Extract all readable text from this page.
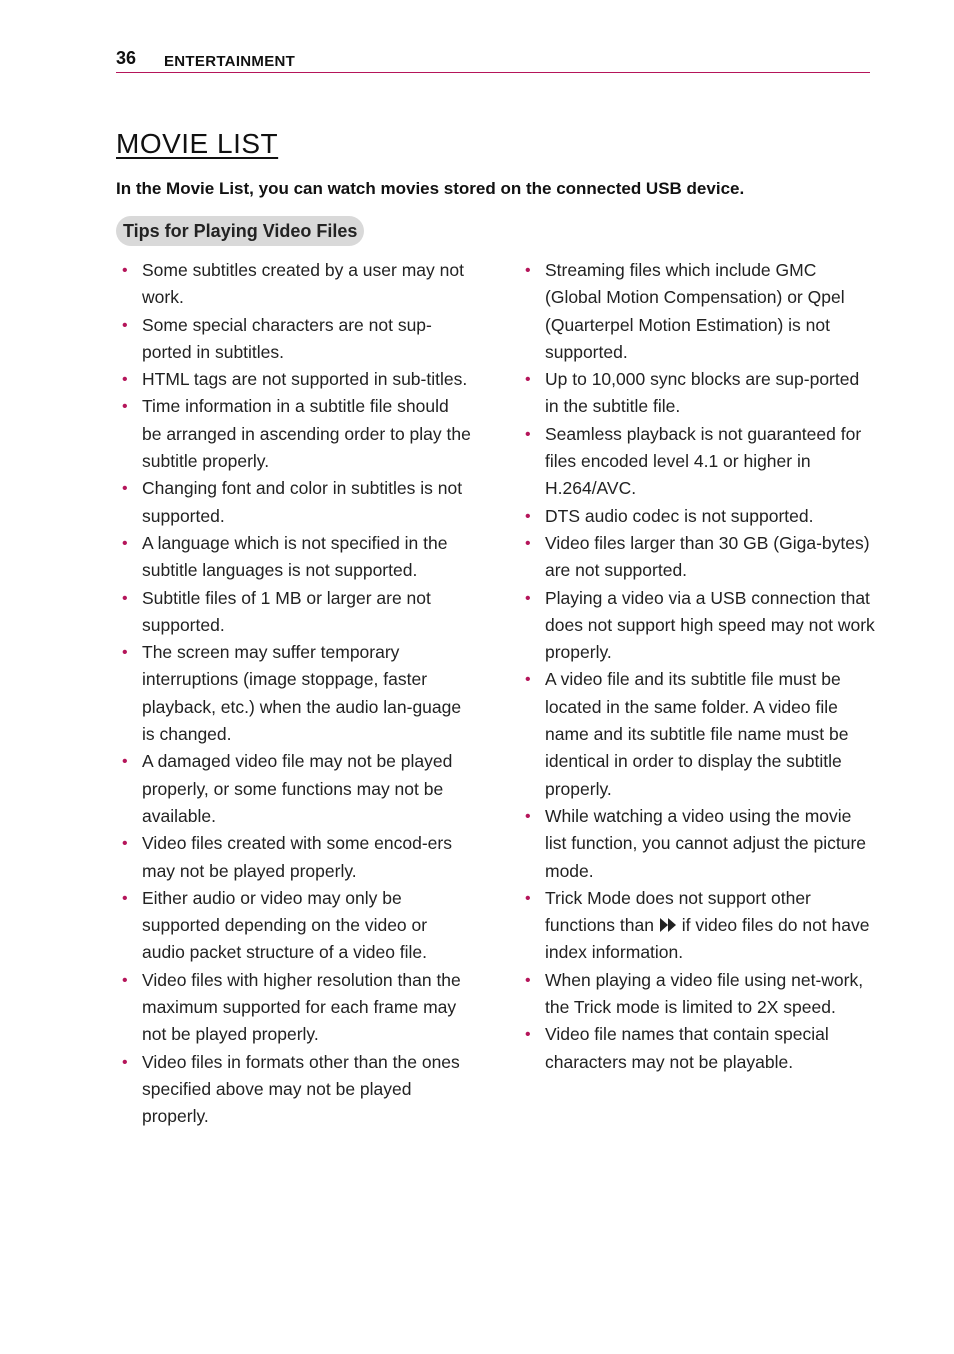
36 ENTERTAINMENT
MOVIE LIST

In the Movie List, you can watch movies stored on the connected USB device.

Tips for Playing Video Files
• Some subtitles created by a user may not work.
• Some special characters are not sup-ported in subtitles.
• HTML tags are not supported in sub-titles.
• Time information in a subtitle file should be arranged in ascending order to play the subtitle properly.
• Changing font and color in subtitles is not supported.
• A language which is not specified in the subtitle languages is not supported.
• Subtitle files of 1 MB or larger are not supported.
• The screen may suffer temporary interruptions (image stoppage, faster playback, etc.) when the audio lan-guage is changed.
• A damaged video file may not be played properly, or some functions may not be available.
• Video files created with some encod-ers may not be played properly.
• Either audio or video may only be supported depending on the video or audio packet structure of a video file.
• Video files with higher resolution than the maximum supported for each frame may not be played properly.
• Video files in formats other than the ones specified above may not be played properly.
• Streaming files which include GMC (Global Motion Compensation) or Qpel (Quarterpel Motion Estimation) is not supported.
• Up to 10,000 sync blocks are sup-ported in the subtitle file.
• Seamless playback is not guaranteed for files encoded level 4.1 or higher in H.264/AVC.
• DTS audio codec is not supported.
• Video files larger than 30 GB (Giga-bytes) are not supported.
• Playing a video via a USB connection that does not support high speed may not work properly.
• A video file and its subtitle file must be located in the same folder. A video file name and its subtitle file name must be identical in order to display the subtitle properly.
• While watching a video using the movie list function, you cannot adjust the picture mode.
• Trick Mode does not support other functions than if video files do not have index information.
• When playing a video file using net-work, the Trick mode is limited to 2X speed.
• Video file names that contain special characters may not be playable.
